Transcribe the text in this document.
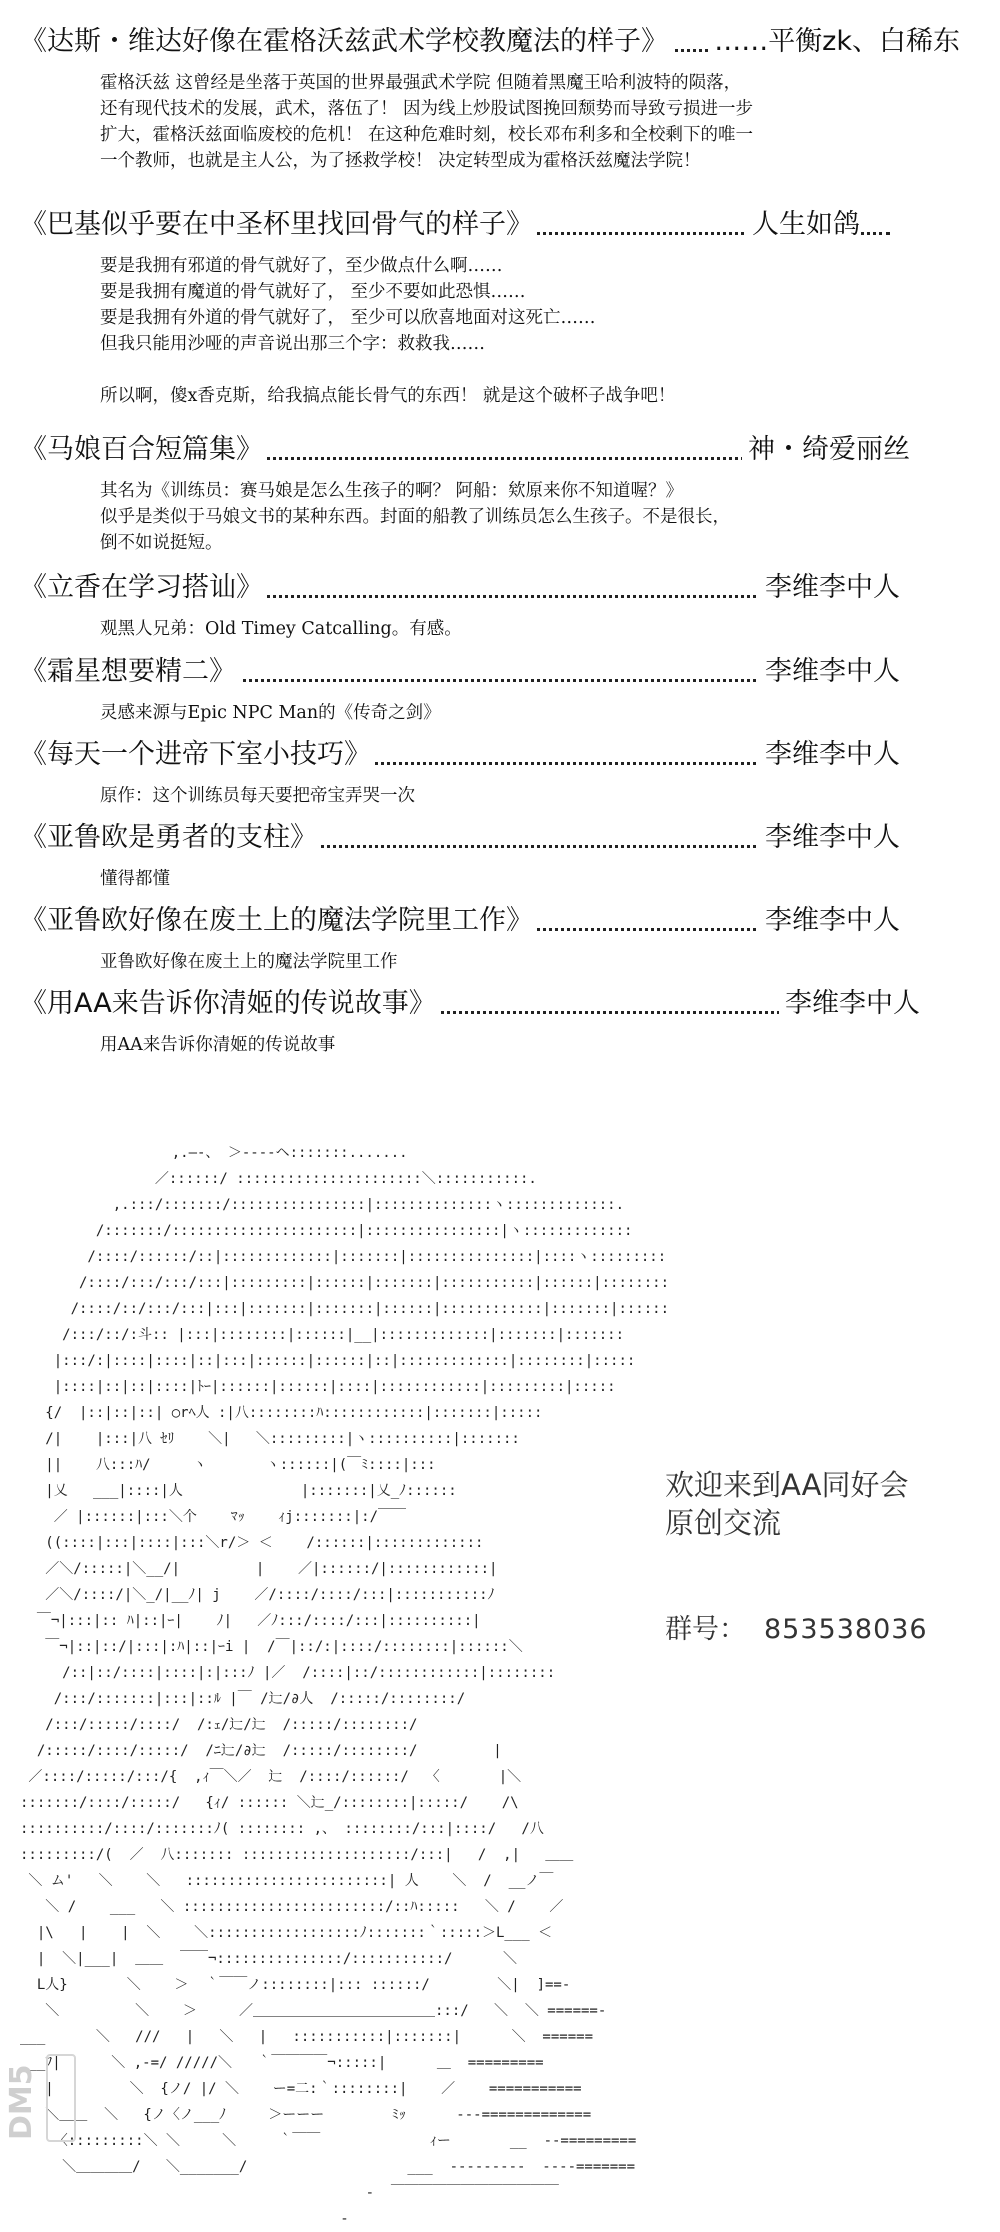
《达斯・维达好像在霍格沃兹武术学校教魔法的样子》 ……平衡zk、白稀东
霍格沃兹 这曾经是坐落于英国的世界最强武术学院 但随着黑魔王哈利波特的陨落，
还有现代技术的发展，武术，落伍了！ 因为线上炒股试图挽回颓势而导致亏损进一步
扩大，霍格沃兹面临废校的危机！ 在这种危难时刻，校长邓布利多和全校剩下的唯一
一个教师，也就是主人公，为了拯救学校！ 决定转型成为霍格沃兹魔法学院！
《巴基似乎要在中圣杯里找回骨气的样子》	人生如鸽
要是我拥有邪道的骨气就好了，至少做点什么啊……
要是我拥有魔道的骨气就好了， 至少不要如此恐惧……
要是我拥有外道的骨气就好了， 至少可以欣喜地面对这死亡……
但我只能用沙哑的声音说出那三个字：救救我……

所以啊，傻x香克斯，给我搞点能长骨气的东西！ 就是这个破杯子战争吧！
《马娘百合短篇集》	神・绮爱丽丝
其名为《训练员：赛马娘是怎么生孩子的啊？ 阿船：欸原来你不知道喔？》
似乎是类似于马娘文书的某种东西。封面的船教了训练员怎么生孩子。不是很长，
倒不如说挺短。
《立香在学习搭讪》	李维李中人
观黑人兄弟：Old Timey Catcalling。有感。
《霜星想要精二》	李维李中人
灵感来源与Epic NPC Man的《传奇之剑》
《每天一个进帝下室小技巧》	李维李中人
原作：这个训练员每天要把帝宝弄哭一次
《亚鲁欧是勇者的支柱》	李维李中人
懂得都懂
《亚鲁欧好像在废土上的魔法学院里工作》	李维李中人
亚鲁欧好像在废土上的魔法学院里工作
《用AA来告诉你清姬的传说故事》	李维李中人
用AA来告诉你清姬的传说故事
,.―-、 ＞‐-‐-ヘ:::::::.......
／::::::/ ::::::::::::::::::::::＼:::::::::::.
,.:::/:::::::/::::::::::::::::|::::::::::::::ヽ:::::::::::::.
/:::::::/::::::::::::::::::::::|::::::::::::::::|ヽ:::::::::::::
/::::/::::::/::|:::::::::::::|:::::::|:::::::::::::::|::::ヽ:::::::::
/::::/:::/:::/:::|:::::::::|::::::|:::::::|:::::::::::|::::::|::::::::
/::::/::/:::/:::|:::|:::::::|:::::::|::::::|::::::::::::|:::::::|::::::
/:::/::/:斗:: |:::|::::::::|::::::|__|:::::::::::::|:::::::|:::::::
|:::/:|::::|::::|::|:::|::::::|::::::|::|:::::::::::::|::::::::|:::::
|::::|::|::|::::|ﾄｰ|::::::|::::::|::::|::::::::::::|:::::::::|:::::
{/  |::|::|::| ○rﾍ人 :|八::::::::ﾊ::::::::::::|:::::::|:::::
/|    |:::|八 ｾﾘ    ＼|   ＼:::::::::|ヽ::::::::::|:::::::
||    八:::ﾊ/     ヽ       ヽ::::::|(￣ﾐ::::|:::
|乂   ___|::::|人              |:::::::|乂_ﾉ::::::
／ |::::::|:::＼个    ﾏｯ    ｨj:::::::|:/￣￣
((::::|:::|::::|:::＼r/＞ ＜    /::::::|:::::::::::::
／＼/:::::|＼__/|         |    ／|::::::/|::::::::::::|
／＼/::::/|＼_/|__ﾉ| j    ／/::::/::::/:::|:::::::::::ﾉ
￣¬|:::|:: ﾊ|::|ｰ|    ﾉ|   ／ﾉ:::/::::/:::|::::::::::|
￣¬|::|::/|:::|:ﾊ|::|ｰi |  /￣|::/:|::::/::::::::|::::::＼
/::|::/::::|::::|:|:::ﾉ |／  /::::|::/::::::::::::|::::::::
/:::/:::::::|:::|::ﾙ |￣ /辷/∂人  /:::::/::::::::/
/:::/:::::/::::/  /:ｪ/辷/辷  /:::::/::::::::/
/:::::/::::/:::::/  /ﾆ辷/∂辷  /:::::/::::::::/         |
／::::/:::::/:::/{  ,ｨ￣＼／  辷  /::::/::::::/  〈       |＼
:::::::/::::/:::::/   {ｨ/ :::::: ＼辷_/::::::::|:::::/    /\
::::::::::/::::/:::::::ﾉ( :::::::: ,、 ::::::::/:::|::::/   /八
:::::::::/(  ／  八::::::: ::::::::::::::::::::/:::|   /  ,|   ＿＿
＼ ム'   ＼    ＼   ::::::::::::::::::::::::| 人    ＼  /  __ノ￣
＼ /    ___   ＼ ::::::::::::::::::::::::/::ﾊ:::::   ＼ /    ／
|\   |    |  ＼    ＼::::::::::::::::::ﾉ:::::::｀:::::＞L___ ＜
|  ＼|___|  ＿＿  ￣￣¬:::::::::::::::/:::::::::::/      ＼
L人}       ＼    ＞  ｀￣￣ノ::::::::|::: ::::::/        ＼|  ]==-
＼         ＼    ＞     ／＿＿＿＿＿＿＿＿＿＿＿＿＿:::/   ＼  ＼ ======-
___      ＼   ///   |   ＼   |   :::::::::::|:::::::|      ＼  ======
__ﾌ|      ＼ ,-=/ /////＼   ｀￣￣￣￣¬:::::|      ＿  =========
|         ＼  {ノ/ |/ ＼    ー=二:｀::::::::|    ／    ===========
＼＿＿  ＼   {ノ〈ノ___ﾉ     ＞ーーー        ﾐｯ      ---=============
〈:::::::::＼ ＼     ＼     ｀￣￣             ｨー       __  --=========
＼＿＿＿＿/   ＼_______/                   ___  ---------  ----=======
-  ￣￣￣￣￣￣￣￣￣￣￣￣
-

欢迎来到AA同好会
原创交流
群号： 853538036
DM5
